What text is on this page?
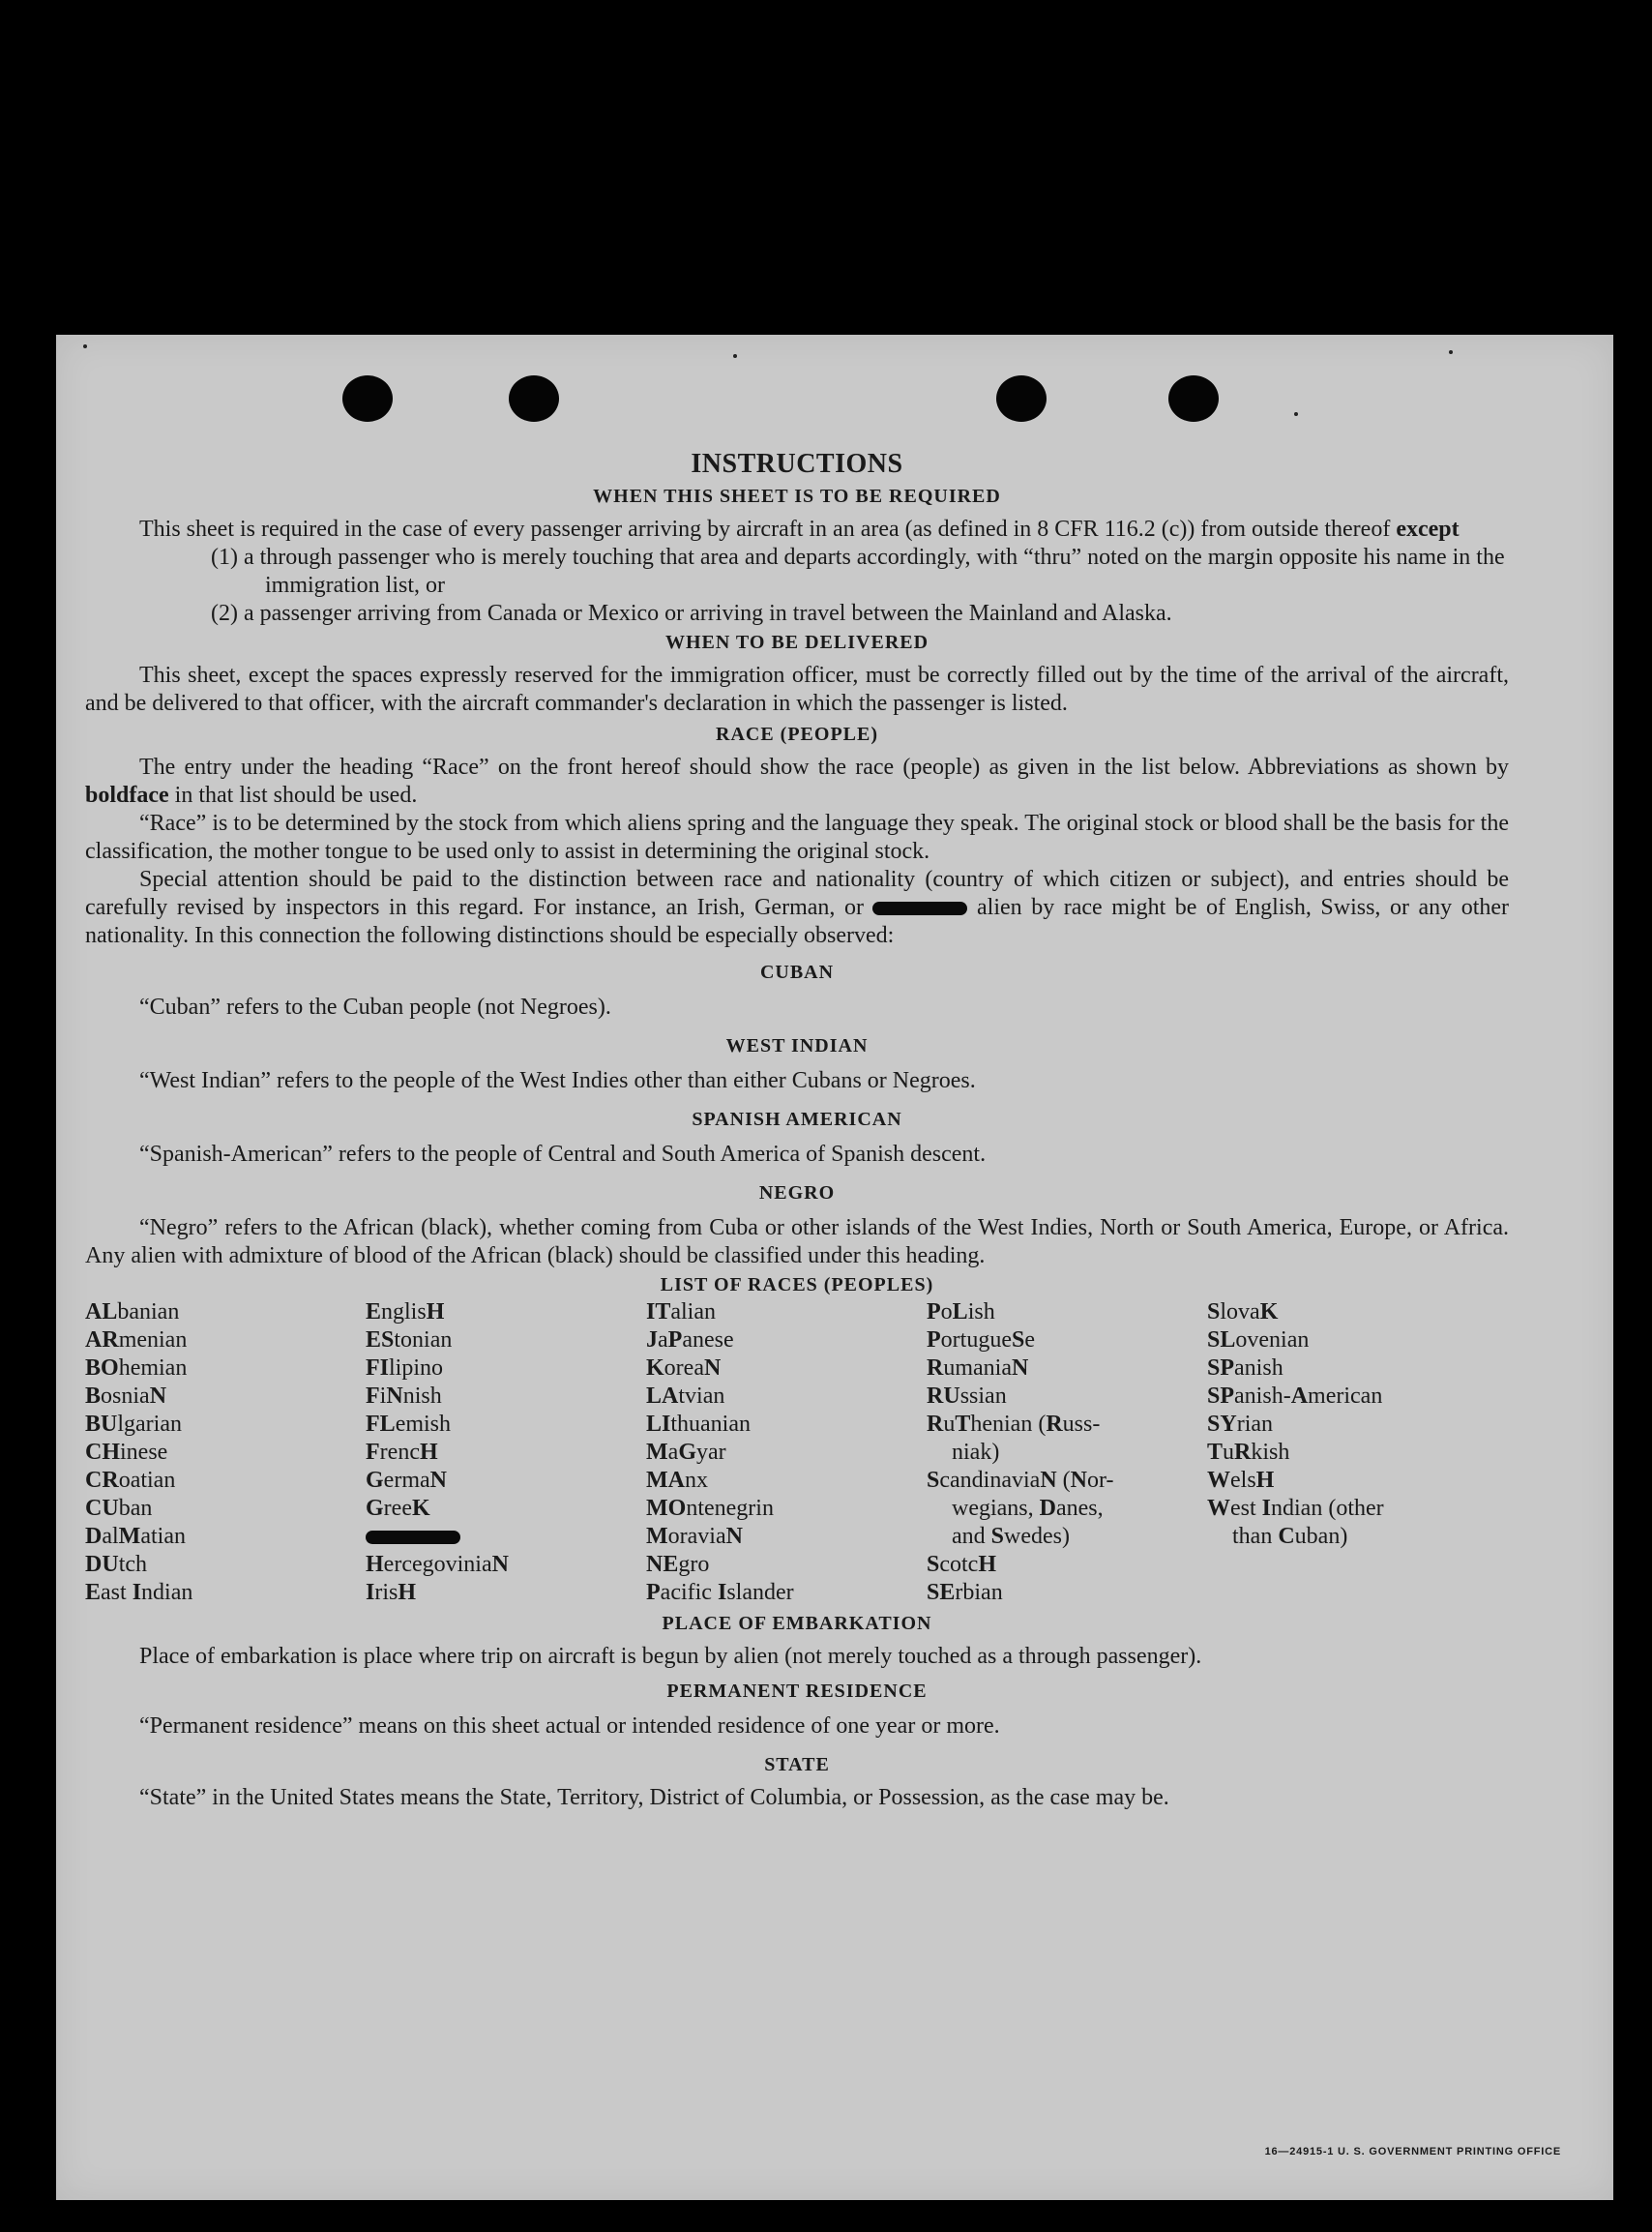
INSTRUCTIONS

WHEN THIS SHEET IS TO BE REQUIRED

This sheet is required in the case of every passenger arriving by aircraft in an area (as defined in 8 CFR 116.2 (c)) from outside thereof except

(1) a through passenger who is merely touching that area and departs accordingly, with “thru” noted on the margin opposite his name in the immigration list, or

(2) a passenger arriving from Canada or Mexico or arriving in travel between the Mainland and Alaska.

WHEN TO BE DELIVERED

This sheet, except the spaces expressly reserved for the immigration officer, must be correctly filled out by the time of the arrival of the aircraft, and be delivered to that officer, with the aircraft commander's declaration in which the passenger is listed.

RACE (PEOPLE)

The entry under the heading “Race” on the front hereof should show the race (people) as given in the list below. Abbreviations as shown by boldface in that list should be used.

“Race” is to be determined by the stock from which aliens spring and the language they speak. The original stock or blood shall be the basis for the classification, the mother tongue to be used only to assist in determining the original stock.

Special attention should be paid to the distinction between race and nationality (country of which citizen or subject), and entries should be carefully revised by inspectors in this regard. For instance, an Irish, German, or	alien by race might be of English, Swiss, or any other nationality. In this connection the following distinctions should be especially observed:

CUBAN

“Cuban” refers to the Cuban people (not Negroes).

WEST INDIAN

“West Indian” refers to the people of the West Indies other than either Cubans or Negroes.

SPANISH AMERICAN

“Spanish-American” refers to the people of Central and South America of Spanish descent.

NEGRO

“Negro” refers to the African (black), whether coming from Cuba or other islands of the West Indies, North or South America, Europe, or Africa. Any alien with admixture of blood of the African (black) should be classified under this heading.

LIST OF RACES (PEOPLES)

ALbanian

ARmenian

BOhemian

BosniaN

BUlgarian

CHinese

CRoatian

CUban

DalMatian

DUtch

East Indian

EnglisH

EStonian

FIlipino

FiNnish

FLemish

FrencH

GermaN

GreeK

HercegoviniaN

IrisH

ITalian

JaPanese

KoreaN

LAtvian

LIthuanian

MaGyar

MAnx

MOntenegrin

MoraviaN

NEgro

Pacific Islander

PoLish

PortugueSe

RumaniaN

RUssian

RuThenian (Russ-

niak)

ScandinaviaN (Nor-

wegians, Danes,

and Swedes)

ScotcH

SErbian

SlovaK

SLovenian

SPanish

SPanish-American

SYrian

TuRkish

WelsH

West Indian (other

than Cuban)

PLACE OF EMBARKATION

Place of embarkation is place where trip on aircraft is begun by alien (not merely touched as a through passenger).

PERMANENT RESIDENCE

“Permanent residence” means on this sheet actual or intended residence of one year or more.

STATE

“State” in the United States means the State, Territory, District of Columbia, or Possession, as the case may be.

16—24915-1 U. S. GOVERNMENT PRINTING OFFICE
